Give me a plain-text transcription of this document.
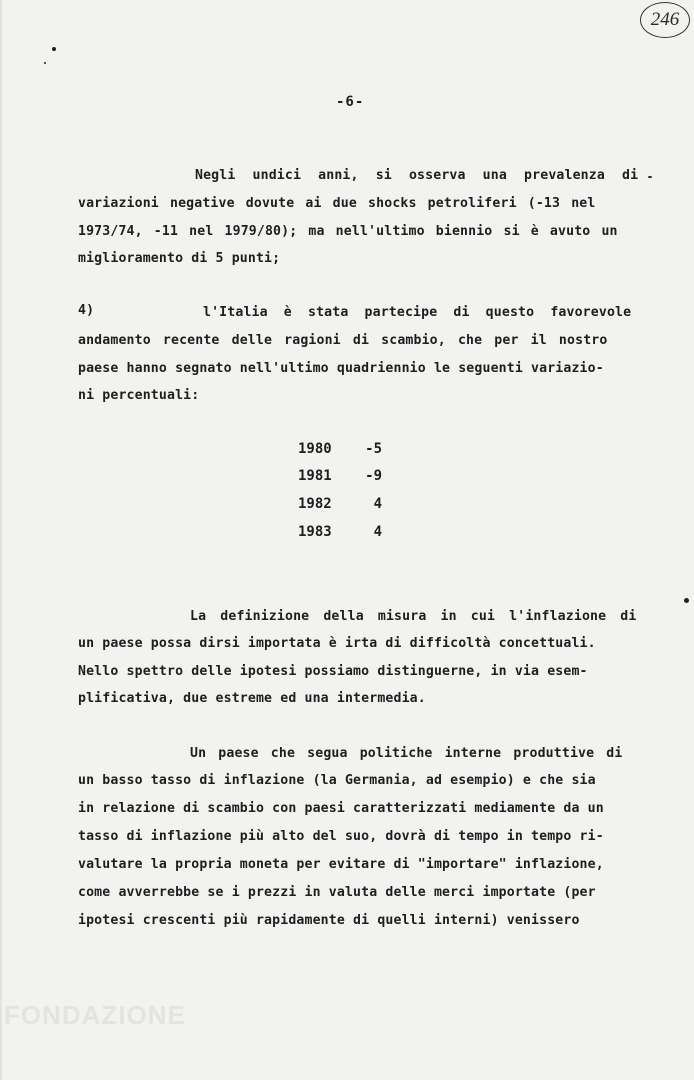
246
-6-
Negli undici anni, si osserva una prevalenza di
variazioni negative dovute ai due shocks petroliferi (-13 nel
1973/74, -11 nel 1979/80); ma nell'ultimo biennio si è avuto un
miglioramento di 5 punti;
4)	l'Italia è stata partecipe di questo favorevole
andamento recente delle ragioni di scambio, che per il nostro
paese hanno segnato nell'ultimo quadriennio le seguenti variazio-
ni percentuali:
1980 -5
1981 -9
1982	4
1983	4
La definizione della misura in cui l'inflazione di
un paese possa dirsi importata è irta di difficoltà concettuali.
Nello spettro delle ipotesi possiamo distinguerne, in via esem-
plificativa, due estreme ed una intermedia.
Un paese che segua politiche interne produttive di
un basso tasso di inflazione (la Germania, ad esempio) e che sia
in relazione di scambio con paesi caratterizzati mediamente da un
tasso di inflazione più alto del suo, dovrà di tempo in tempo ri-
valutare la propria moneta per evitare di "importare" inflazione,
come avverrebbe se i prezzi in valuta delle merci importate (per
ipotesi crescenti più rapidamente di quelli interni) venissero
FONDAZIONE
